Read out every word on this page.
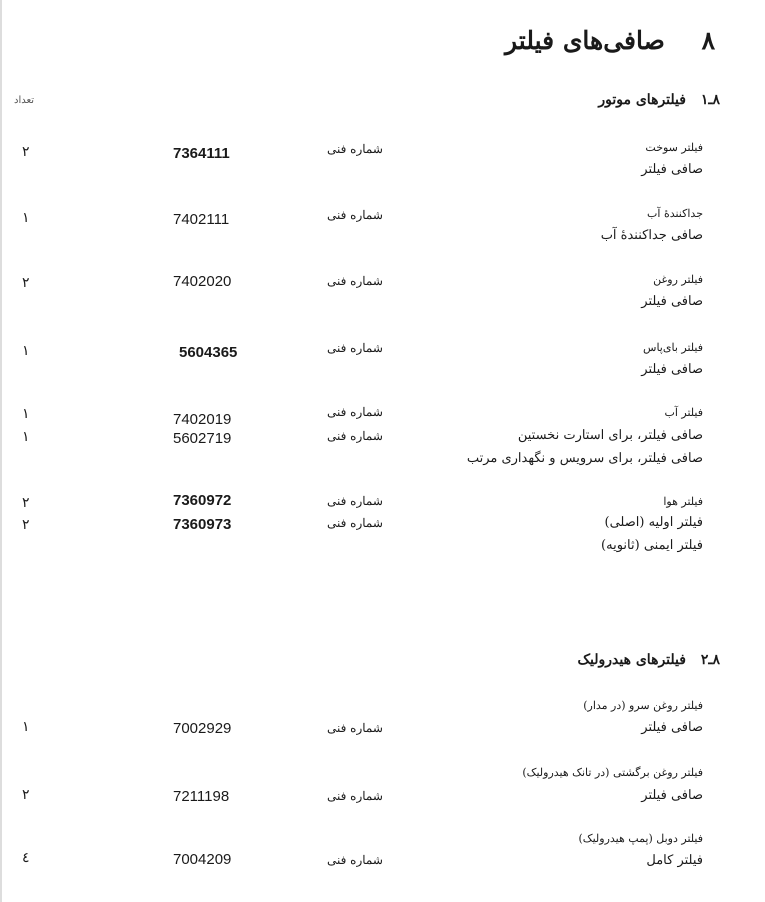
۸ صافی‌های فیلتر
تعداد	۸ـ۱ فیلترهای موتور
فیلتر سوخت
صافی فیلتر
شماره فنی
7364111
۲
جداکنندهٔ آب
صافی جداکنندهٔ آب
شماره فنی
7402111
۱
فیلتر روغن
صافی فیلتر
شماره فنی
7402020
۲
فیلتر بای‌پاس
صافی فیلتر
شماره فنی
5604365
۱
فیلتر آب
صافی فیلتر، برای استارت نخستین
صافی فیلتر، برای سرویس و نگهداری مرتب
شماره فنی
شماره فنی
7402019
5602719
۱
۱
فیلتر هوا
فیلتر اولیه (اصلی)
فیلتر ایمنی (ثانویه)
شماره فنی
شماره فنی
7360972
7360973
۲
۲
۸ـ۲ فیلترهای هیدرولیک
فیلتر روغن سرو (در مدار)
صافی فیلتر
شماره فنی
7002929
۱
فیلتر روغن برگشتی (در تانک هیدرولیک)
صافی فیلتر
شماره فنی
7211198
۲
فیلتر دوبل (پمپ هیدرولیک)
فیلتر کامل
شماره فنی
7004209
٤
